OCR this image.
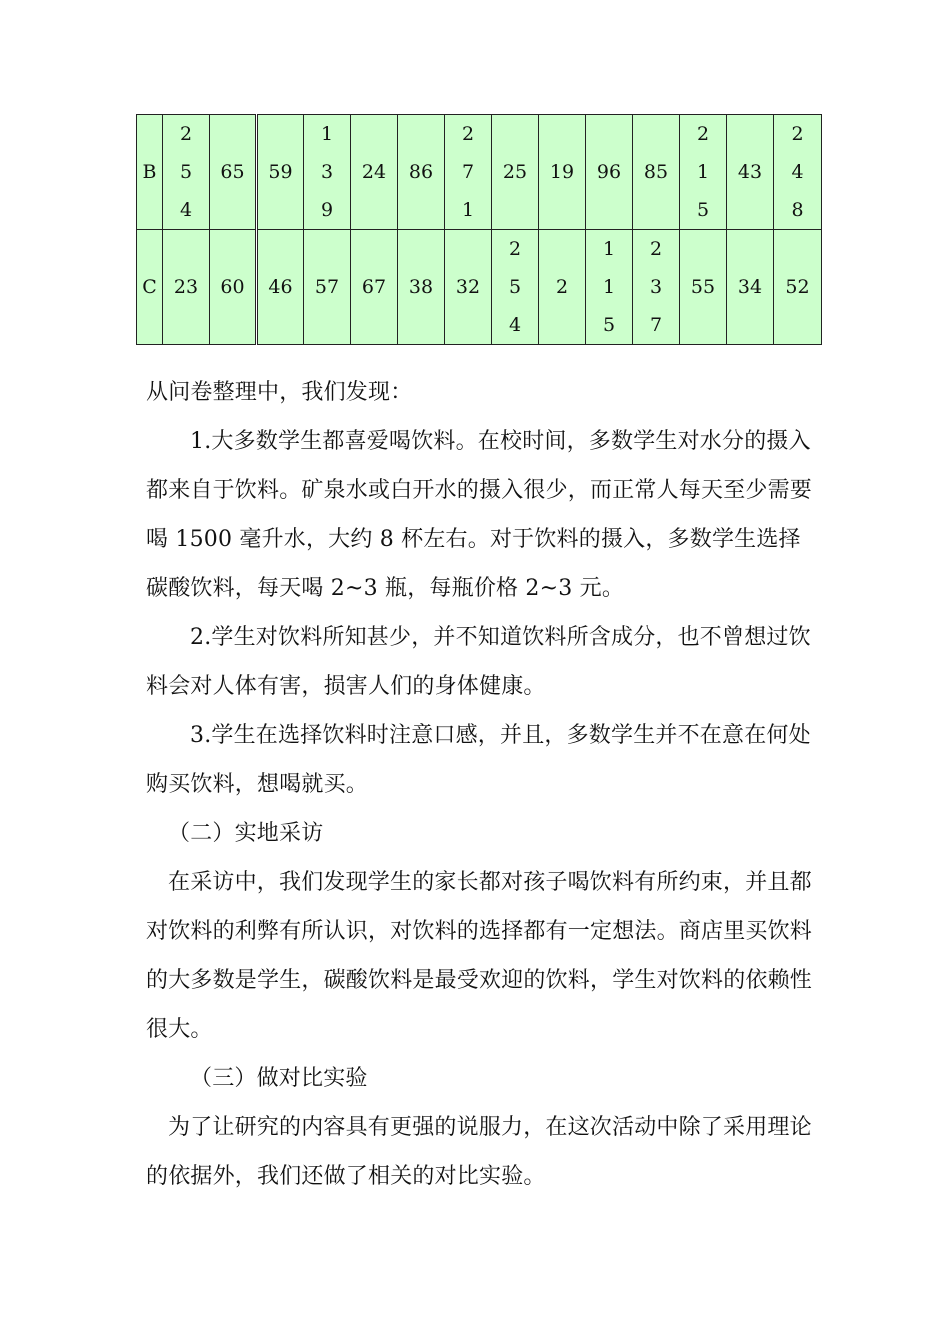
B	254	65	59	139	24	86	271	25	19	96	85	215	43	248
C	23	60	46	57	67	38	32	254	2	115	237	55	34	52

从问卷整理中，我们发现：

1.大多数学生都喜爱喝饮料。在校时间，多数学生对水分的摄入都来自于饮料。矿泉水或白开水的摄入很少，而正常人每天至少需要喝 1500 毫升水，大约 8 杯左右。对于饮料的摄入，多数学生选择碳酸饮料，每天喝 2~3 瓶，每瓶价格 2~3 元。

2.学生对饮料所知甚少，并不知道饮料所含成分，也不曾想过饮料会对人体有害，损害人们的身体健康。

3.学生在选择饮料时注意口感，并且，多数学生并不在意在何处购买饮料，想喝就买。

（二）实地采访

在采访中，我们发现学生的家长都对孩子喝饮料有所约束，并且都对饮料的利弊有所认识，对饮料的选择都有一定想法。商店里买饮料的大多数是学生，碳酸饮料是最受欢迎的饮料，学生对饮料的依赖性很大。

（三）做对比实验

为了让研究的内容具有更强的说服力，在这次活动中除了采用理论的依据外，我们还做了相关的对比实验。
